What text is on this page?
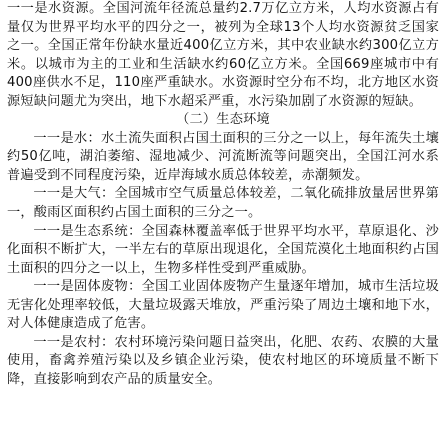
一一是水资源。全国河流年径流总量约2.7万亿立方米，人均水资源占有量仅为世界平均水平的四分之一，被列为全球13个人均水资源贫乏国家之一。全国正常年份缺水量近400亿立方米，其中农业缺水约300亿立方米。以城市为主的工业和生活缺水约60亿立方米。全国669座城市中有400座供水不足，110座严重缺水。水资源时空分布不均，北方地区水资源短缺问题尤为突出，地下水超采严重，水污染加剧了水资源的短缺。

（二）生态环境

一一是水：水土流失面积占国土面积的三分之一以上，每年流失土壤约50亿吨，湖泊萎缩、湿地减少、河流断流等问题突出，全国江河水系普遍受到不同程度污染，近岸海域水质总体较差，赤潮频发。

一一是大气：全国城市空气质量总体较差，二氧化硫排放量居世界第一，酸雨区面积约占国土面积的三分之一。

一一是生态系统：全国森林覆盖率低于世界平均水平，草原退化、沙化面积不断扩大，一半左右的草原出现退化，全国荒漠化土地面积约占国土面积的四分之一以上，生物多样性受到严重威胁。

一一是固体废物：全国工业固体废物产生量逐年增加，城市生活垃圾无害化处理率较低，大量垃圾露天堆放，严重污染了周边土壤和地下水，对人体健康造成了危害。

一一是农村：农村环境污染问题日益突出，化肥、农药、农膜的大量使用，畜禽养殖污染以及乡镇企业污染，使农村地区的环境质量不断下降，直接影响到农产品的质量安全。
